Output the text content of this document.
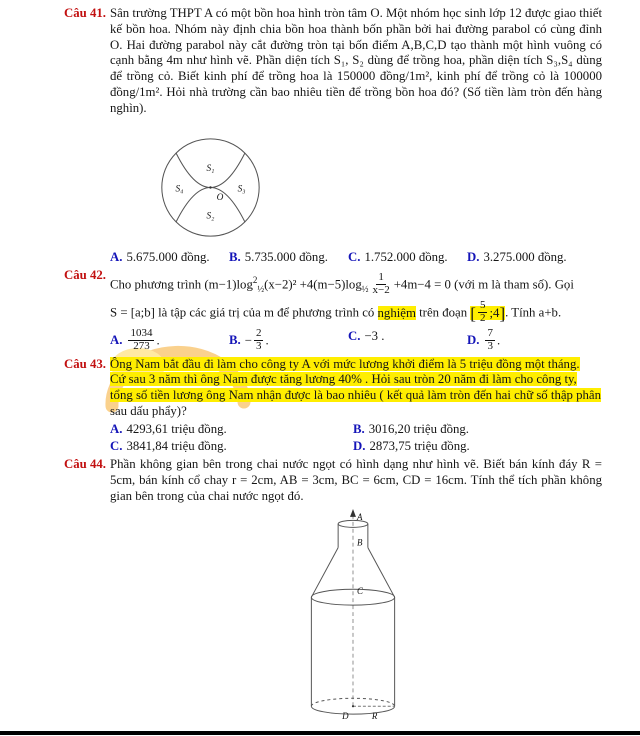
Câu 41. Sân trường THPT A có một bồn hoa hình tròn tâm O. Một nhóm học sinh lớp 12 được giao thiết kế bồn hoa. Nhóm này định chia bồn hoa thành bốn phần bởi hai đường parabol có cùng đỉnh O. Hai đường parabol này cắt đường tròn tại bốn điểm A,B,C,D tạo thành một hình vuông có cạnh bằng 4m như hình vẽ. Phần diện tích S₁, S₂ dùng để trồng hoa, phần diện tích S₃,S₄ dùng để trồng cỏ. Biết kinh phí để trồng hoa là 150000 đồng/1m², kinh phí để trồng cỏ là 100000 đồng/1m². Hỏi nhà trường cần bao nhiêu tiền để trồng bồn hoa đó? (Số tiền làm tròn đến hàng nghìn).
S₁
S₂
S₃
S₄
O
A. 5.675.000 đồng.	B. 5.735.000 đồng.	C. 1.752.000 đồng.	D. 3.275.000 đồng.
Câu 42.
Cho phương trình $(m-1)\log^2_{\frac{1}{2}}(x-2)^2 +4(m-5)\log_{\frac{1}{2}} \frac{1}{x-2} +4m-4 = 0$ (với m là tham số). Gọi
S = [a;b] là tập các giá trị của m để phương trình có nghiệm trên đoạn [ $\frac{5}{2}$ ;4]. Tính a+b.
A. $\frac{1034}{273}$ .	B. − $\frac{2}{3}$ .	C. −3 .	D. $\frac{7}{3}$ .
Câu 43. Ông Nam bắt đầu đi làm cho công ty A với mức lương khởi điểm là 5 triệu đồng một tháng.
Cứ sau 3 năm thì ông Nam được tăng lương 40% . Hỏi sau tròn 20 năm đi làm cho công ty,
tổng số tiền lương ông Nam nhận được là bao nhiêu ( kết quả làm tròn đến hai chữ số thập phân
sau dấu phẩy)?
A. 4293,61 triệu đồng.	B. 3016,20 triệu đồng.
C. 3841,84 triệu đồng.	D. 2873,75 triệu đồng.
Câu 44. Phần không gian bên trong chai nước ngọt có hình dạng như hình vẽ. Biết bán kính đáy R = 5cm, bán kính cổ chay r = 2cm, AB = 3cm, BC = 6cm, CD = 16cm. Tính thể tích phần không gian bên trong của chai nước ngọt đó.
A
B
C
D	R
